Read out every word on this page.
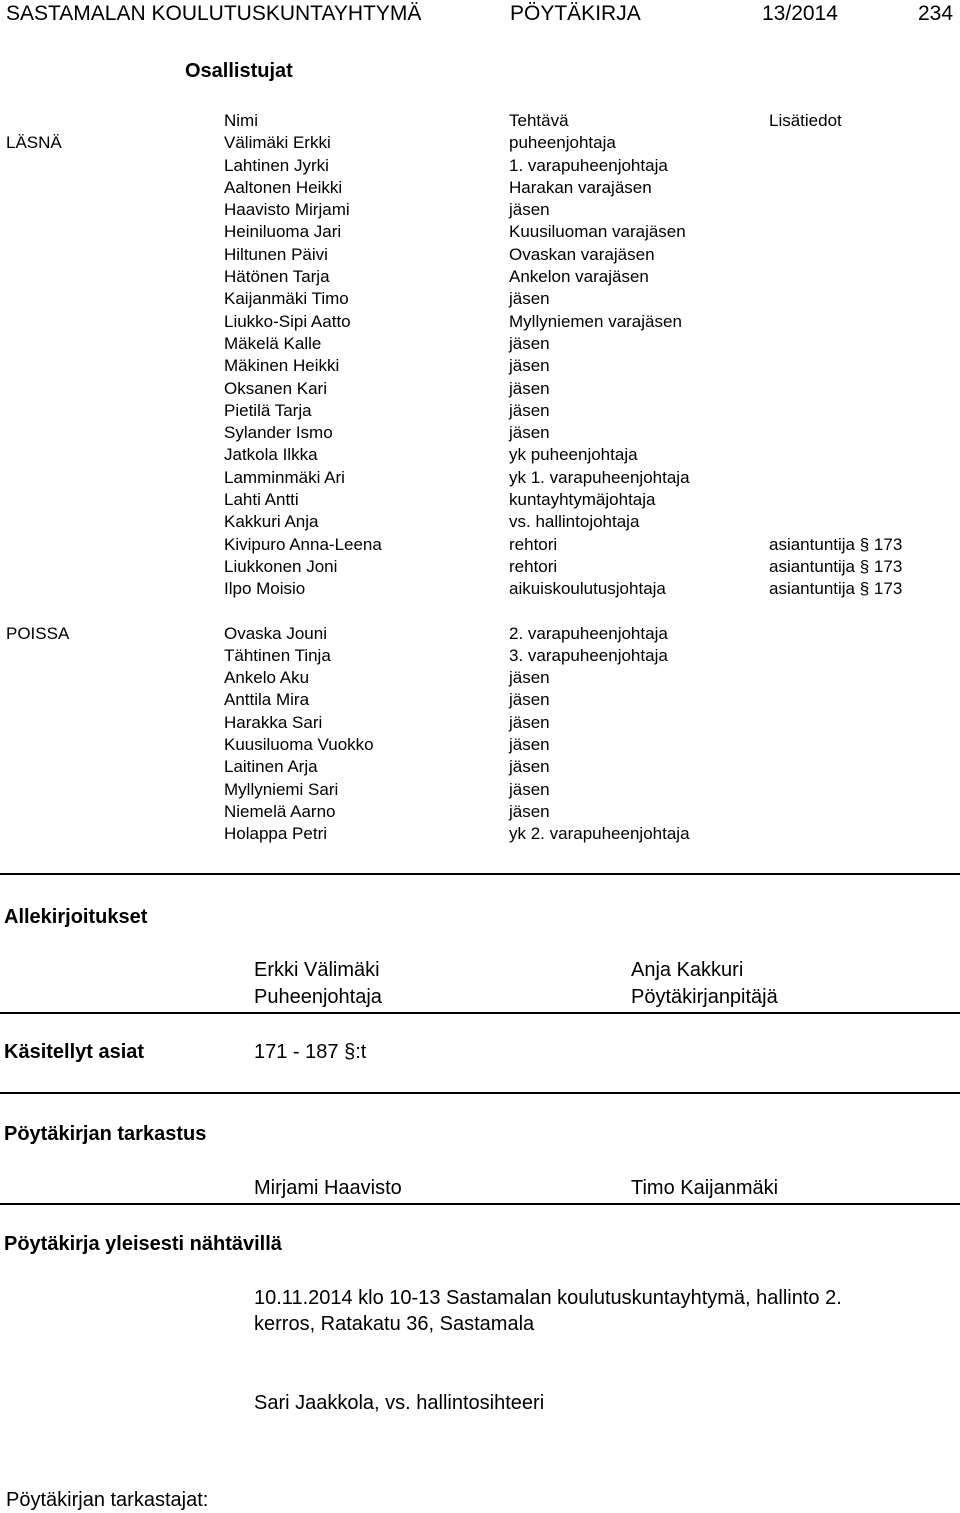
SASTAMALAN KOULUTUSKUNTAYHTYMÄ	PÖYTÄKIRJA	13/2014	234
Osallistujat
Nimi	Tehtävä	Lisätiedot
LÄSNÄ	Välimäki Erkki	puheenjohtaja
Lahtinen Jyrki	1. varapuheenjohtaja
Aaltonen Heikki	Harakan varajäsen
Haavisto Mirjami	jäsen
Heiniluoma Jari	Kuusiluoman varajäsen
Hiltunen Päivi	Ovaskan varajäsen
Hätönen Tarja	Ankelon varajäsen
Kaijanmäki Timo	jäsen
Liukko-Sipi Aatto	Myllyniemen varajäsen
Mäkelä Kalle	jäsen
Mäkinen Heikki	jäsen
Oksanen Kari	jäsen
Pietilä Tarja	jäsen
Sylander Ismo	jäsen
Jatkola Ilkka	yk puheenjohtaja
Lamminmäki Ari	yk 1. varapuheenjohtaja
Lahti Antti	kuntayhtymäjohtaja
Kakkuri Anja	vs. hallintojohtaja
Kivipuro Anna-Leena	rehtori	asiantuntija § 173
Liukkonen Joni	rehtori	asiantuntija § 173
Ilpo Moisio	aikuiskoulutusjohtaja	asiantuntija § 173
POISSA	Ovaska Jouni	2. varapuheenjohtaja
Tähtinen Tinja	3. varapuheenjohtaja
Ankelo Aku	jäsen
Anttila Mira	jäsen
Harakka Sari	jäsen
Kuusiluoma Vuokko	jäsen
Laitinen Arja	jäsen
Myllyniemi Sari	jäsen
Niemelä Aarno	jäsen
Holappa Petri	yk 2. varapuheenjohtaja
Allekirjoitukset
Erkki Välimäki
Puheenjohtaja
Anja Kakkuri
Pöytäkirjanpitäjä
Käsitellyt asiat	171 - 187 §:t
Pöytäkirjan tarkastus
Mirjami Haavisto	Timo Kaijanmäki
Pöytäkirja yleisesti nähtävillä
10.11.2014 klo 10-13 Sastamalan koulutuskuntayhtymä, hallinto 2.
kerros, Ratakatu 36, Sastamala
Sari Jaakkola, vs. hallintosihteeri
Pöytäkirjan tarkastajat:
